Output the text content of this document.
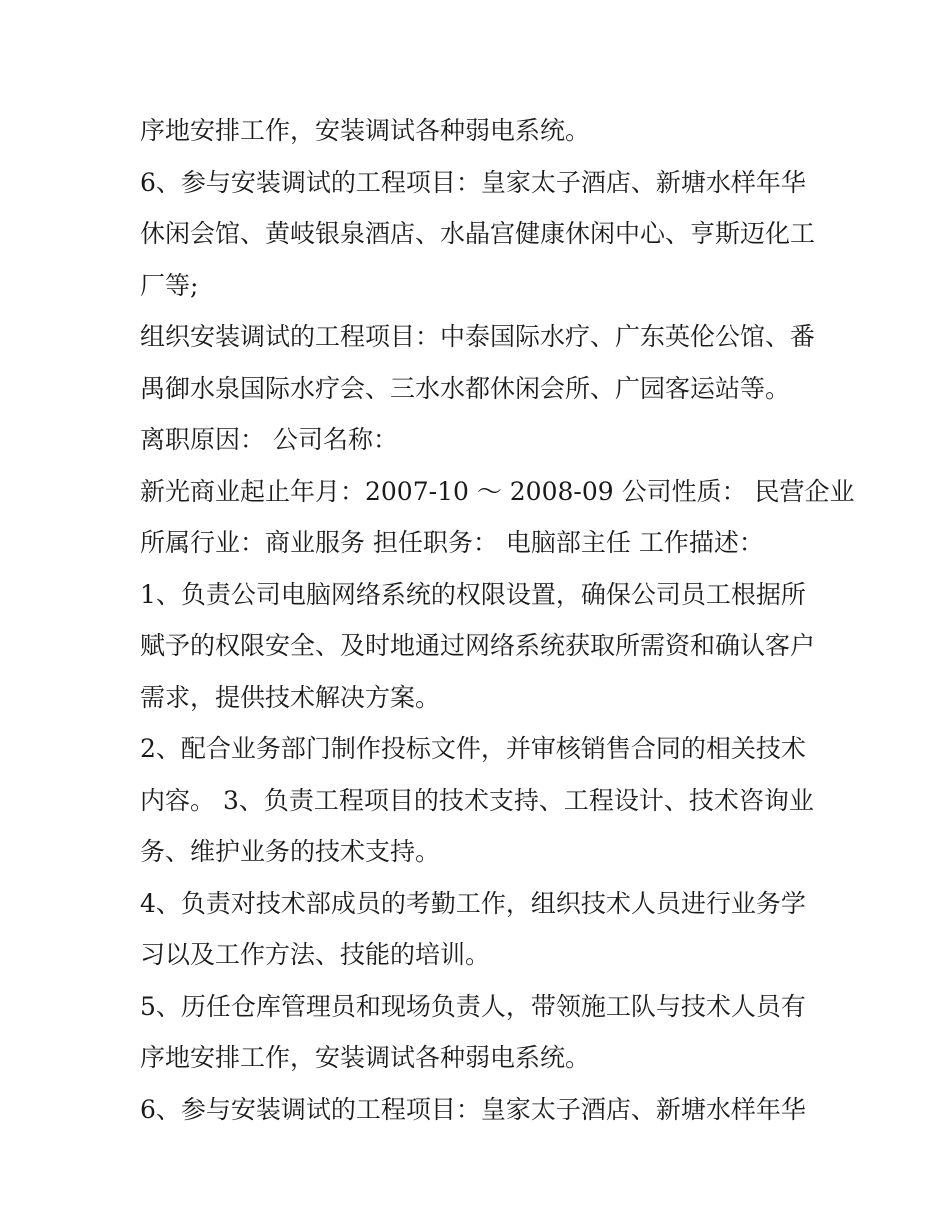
序地安排工作，安装调试各种弱电系统。
6、参与安装调试的工程项目：皇家太子酒店、新塘水样年华
休闲会馆、黄岐银泉酒店、水晶宫健康休闲中心、亨斯迈化工
厂等;
组织安装调试的工程项目：中泰国际水疗、广东英伦公馆、番
禺御水泉国际水疗会、三水水都休闲会所、广园客运站等。
离职原因： 公司名称：
新光商业起止年月：2007-10 ～ 2008-09 公司性质： 民营企业
所属行业：商业服务 担任职务： 电脑部主任 工作描述：
1、负责公司电脑网络系统的权限设置，确保公司员工根据所
赋予的权限安全、及时地通过网络系统获取所需资和确认客户
需求，提供技术解决方案。
2、配合业务部门制作投标文件，并审核销售合同的相关技术
内容。 3、负责工程项目的技术支持、工程设计、技术咨询业
务、维护业务的技术支持。
4、负责对技术部成员的考勤工作，组织技术人员进行业务学
习以及工作方法、技能的培训。
5、历任仓库管理员和现场负责人，带领施工队与技术人员有
序地安排工作，安装调试各种弱电系统。
6、参与安装调试的工程项目：皇家太子酒店、新塘水样年华
